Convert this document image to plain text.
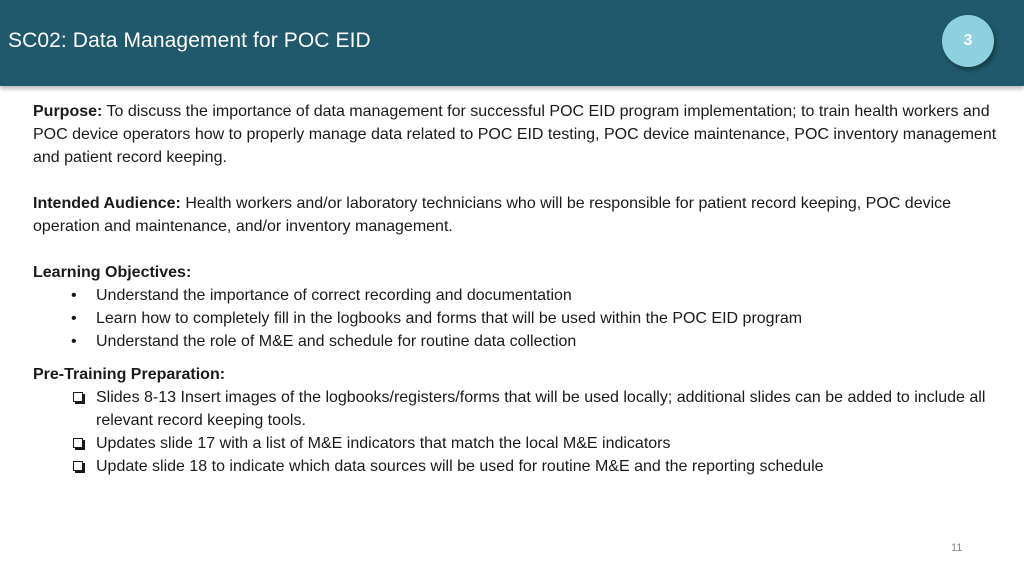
SC02: Data Management for POC EID	3

Purpose: To discuss the importance of data management for successful POC EID program implementation; to train health workers and POC device operators how to properly manage data related to POC EID testing, POC device maintenance, POC inventory management and patient record keeping.

Intended Audience: Health workers and/or laboratory technicians who will be responsible for patient record keeping, POC device operation and maintenance, and/or inventory management.

Learning Objectives:

• Understand the importance of correct recording and documentation
• Learn how to completely fill in the logbooks and forms that will be used within the POC EID program
• Understand the role of M&E and schedule for routine data collection

Pre-Training Preparation:

Slides 8-13 Insert images of the logbooks/registers/forms that will be used locally; additional slides can be added to include all relevant record keeping tools.
Updates slide 17 with a list of M&E indicators that match the local M&E indicators
Update slide 18 to indicate which data sources will be used for routine M&E and the reporting schedule
11
